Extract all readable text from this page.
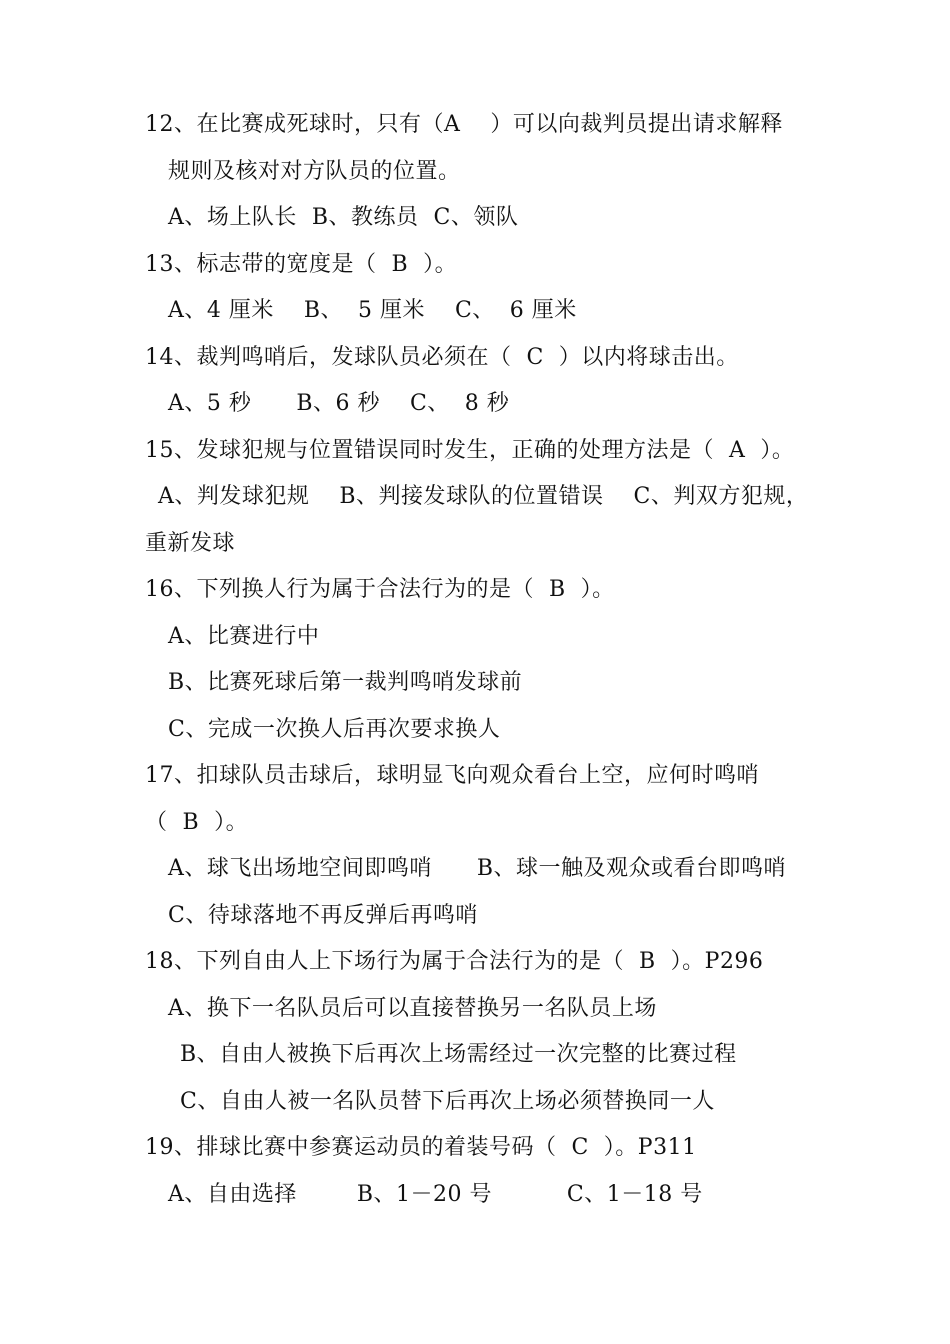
12、在比赛成死球时，只有（A　 ）可以向裁判员提出请求解释
规则及核对对方队员的位置。
A、场上队长  B、教练员  C、领队
13、标志带的宽度是（  B  ）。
A、4 厘米    B、  5 厘米    C、  6 厘米
14、裁判鸣哨后，发球队员必须在（  C  ）以内将球击出。
A、5 秒      B、6 秒    C、  8 秒
15、发球犯规与位置错误同时发生，正确的处理方法是（  A  ）。
A、判发球犯规    B、判接发球队的位置错误    C、判双方犯规，
重新发球
16、下列换人行为属于合法行为的是（  B  ）。
A、比赛进行中
B、比赛死球后第一裁判鸣哨发球前
C、完成一次换人后再次要求换人
17、扣球队员击球后，球明显飞向观众看台上空，应何时鸣哨
（  B  ）。
A、球飞出场地空间即鸣哨      B、球一触及观众或看台即鸣哨
C、待球落地不再反弹后再鸣哨
18、下列自由人上下场行为属于合法行为的是（  B  ）。P296
A、换下一名队员后可以直接替换另一名队员上场
B、自由人被换下后再次上场需经过一次完整的比赛过程
C、自由人被一名队员替下后再次上场必须替换同一人
19、排球比赛中参赛运动员的着装号码（  C  ）。P311
A、自由选择        B、1－20 号          C、1－18 号
